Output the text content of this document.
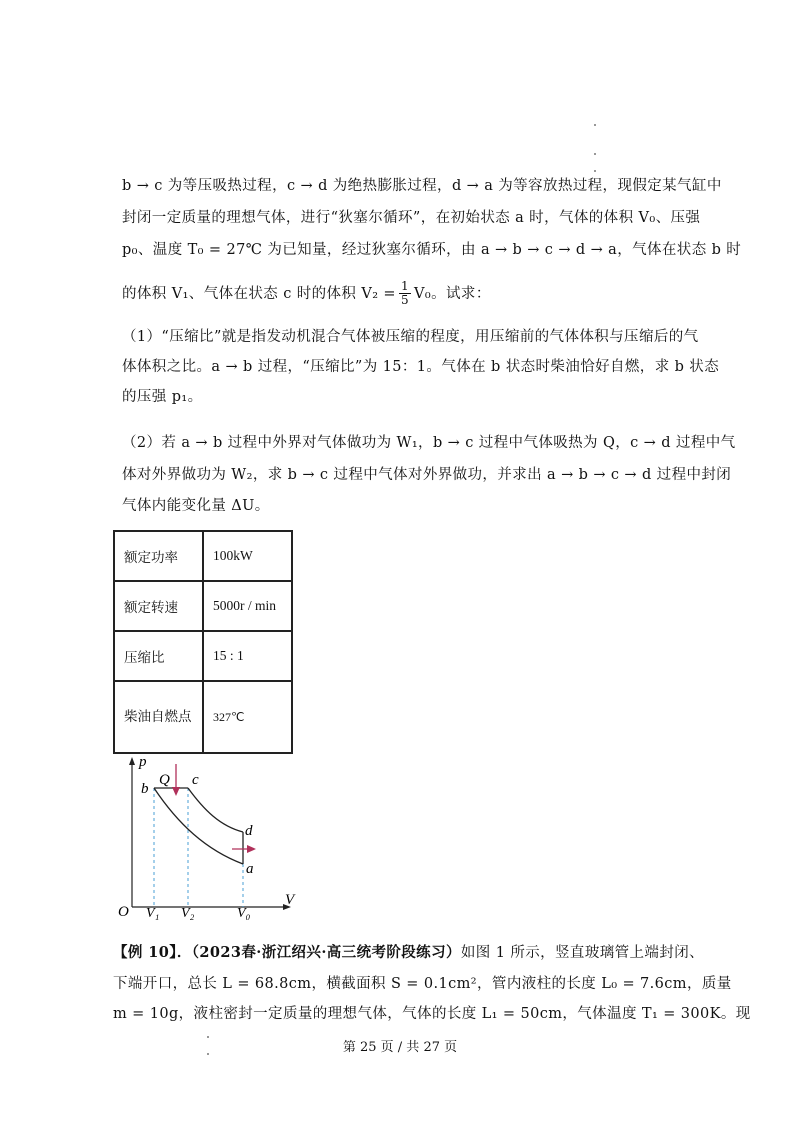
b → c 为等压吸热过程，c → d 为绝热膨胀过程，d → a 为等容放热过程，现假定某气缸中
封闭一定质量的理想气体，进行“狄塞尔循环”，在初始状态 a 时，气体的体积 V₀、压强
p₀、温度 T₀ = 27℃ 为已知量，经过狄塞尔循环，由 a → b → c → d → a，气体在状态 b 时
的体积 V₁、气体在状态 c 时的体积 $V_2 = \frac{1}{5} V_0$。试求：
（1）“压缩比”就是指发动机混合气体被压缩的程度，用压缩前的气体体积与压缩后的气
体体积之比。a → b 过程，“压缩比”为 15：1。气体在 b 状态时柴油恰好自燃，求 b 状态
的压强 p₁。
（2）若 a → b 过程中外界对气体做功为 W₁，b → c 过程中气体吸热为 Q，c → d 过程中气
体对外界做功为 W₂，求 b → c 过程中气体对外界做功，并求出 a → b → c → d 过程中封闭
气体内能变化量 ΔU。
额定功率	100kW
额定转速	5000r / min
压缩比	15 : 1
柴油自燃点	327℃
p
V
O
b
c
Q
d
a
V₁ V₂	V₀
【例 10】．（2023春·浙江绍兴·高三统考阶段练习）如图 1 所示，竖直玻璃管上端封闭、
下端开口，总长 L = 68.8cm，横截面积 S = 0.1cm²，管内液柱的长度 L₀ = 7.6cm，质量
m = 10g，液柱密封一定质量的理想气体，气体的长度 L₁ = 50cm，气体温度 T₁ = 300K。现
第 25 页 / 共 27 页
